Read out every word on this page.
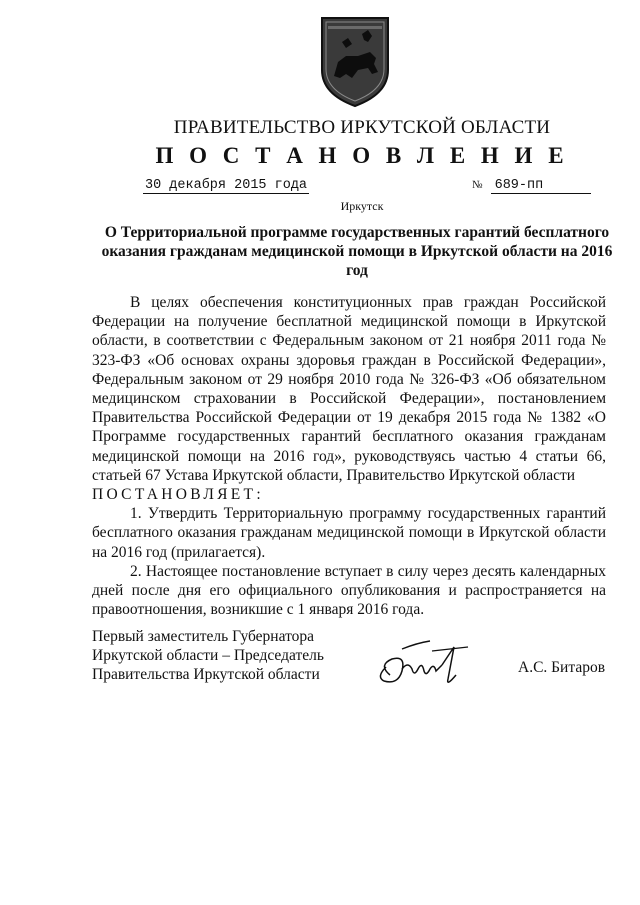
ПРАВИТЕЛЬСТВО ИРКУТСКОЙ ОБЛАСТИ
П О С Т А Н О В Л Е Н И Е
30 декабря 2015 года	№ 689-пп
Иркутск
О Территориальной программе государственных гарантий бесплатного оказания гражданам медицинской помощи в Иркутской области на 2016 год

В целях обеспечения конституционных прав граждан Российской Федерации на получение бесплатной медицинской помощи в Иркутской области, в соответствии с Федеральным законом от 21 ноября 2011 года № 323-ФЗ «Об основах охраны здоровья граждан в Российской Федерации», Федеральным законом от 29 ноября 2010 года № 326-ФЗ «Об обязательном медицинском страховании в Российской Федерации», постановлением Правительства Российской Федерации от 19 декабря 2015 года № 1382 «О Программе государственных гарантий бесплатного оказания гражданам медицинской помощи на 2016 год», руководствуясь частью 4 статьи 66, статьей 67 Устава Иркутской области, Правительство Иркутской области

ПОСТАНОВЛЯЕТ:

1. Утвердить Территориальную программу государственных гарантий бесплатного оказания гражданам медицинской помощи в Иркутской области на 2016 год (прилагается).

2. Настоящее постановление вступает в силу через десять календарных дней после дня его официального опубликования и распространяется на правоотношения, возникшие с 1 января 2016 года.

Первый заместитель Губернатора
Иркутской области – Председатель
Правительства Иркутской области	А.С. Битаров
